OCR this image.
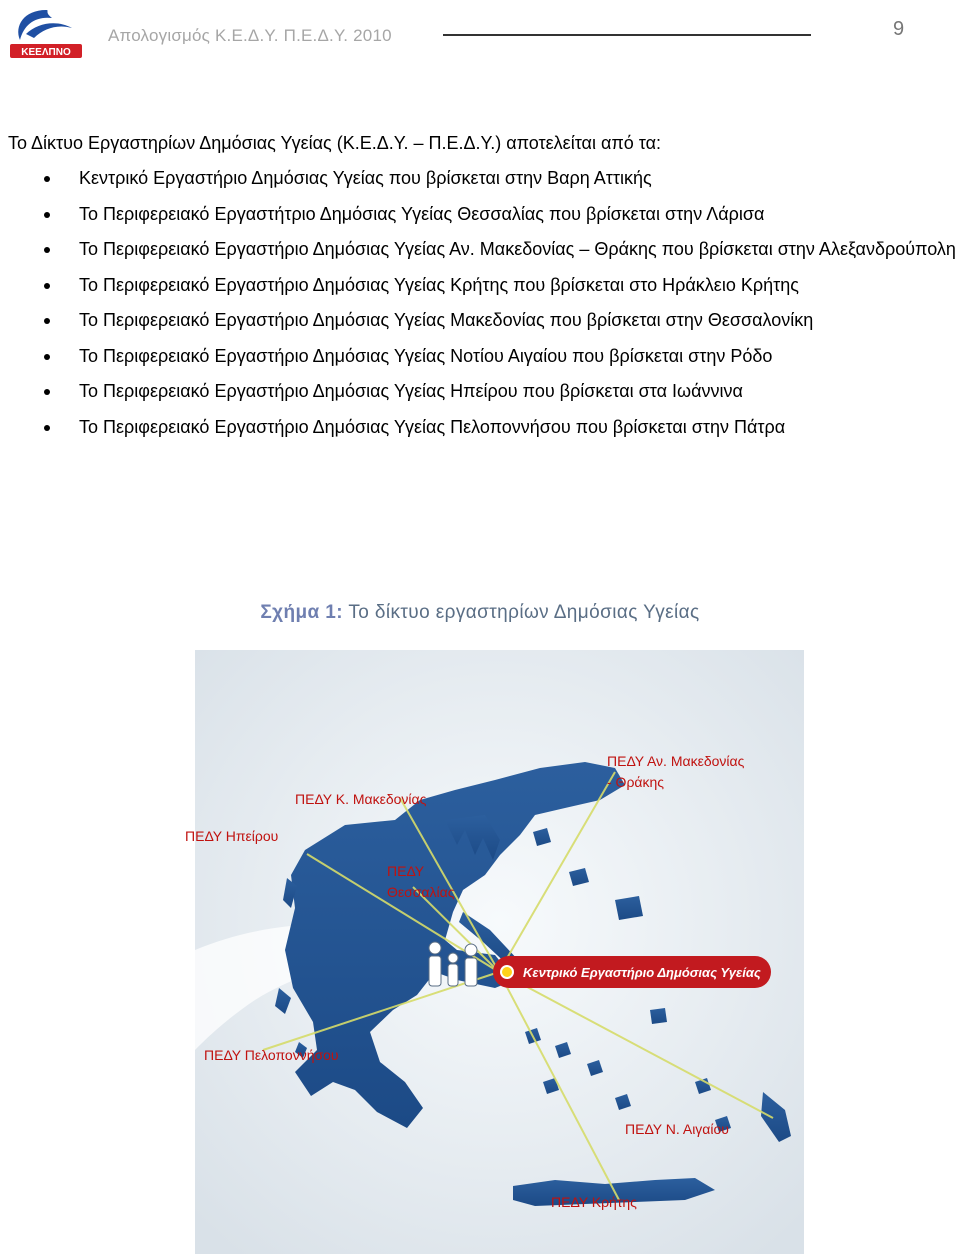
ΚΕΕΛΠΝΟ
Απολογισμός Κ.Ε.Δ.Υ. Π.Ε.Δ.Υ. 2010	9
Το Δίκτυο Εργαστηρίων Δημόσιας Υγείας (Κ.Ε.Δ.Υ. – Π.Ε.Δ.Υ.) αποτελείται από τα:
Κεντρικό Εργαστήριο Δημόσιας Υγείας που βρίσκεται στην Βαρη Αττικής
Το Περιφερειακό Εργαστήτριο Δημόσιας Υγείας Θεσσαλίας που βρίσκεται στην Λάρισα
Το Περιφερειακό Εργαστήριο Δημόσιας Υγείας Αν. Μακεδονίας – Θράκης που βρίσκεται στην Αλεξανδρούπολη
Το Περιφερειακό Εργαστήριο Δημόσιας Υγείας Κρήτης που βρίσκεται στο Ηράκλειο Κρήτης
Το Περιφερειακό Εργαστήριο Δημόσιας Υγείας Μακεδονίας που βρίσκεται στην Θεσσαλονίκη
Το Περιφερειακό Εργαστήριο Δημόσιας Υγείας Νοτίου Αιγαίου που βρίσκεται στην Ρόδο
Το Περιφερειακό Εργαστήριο Δημόσιας Υγείας Ηπείρου που βρίσκεται στα Ιωάννινα
Το Περιφερειακό Εργαστήριο Δημόσιας Υγείας Πελοποννήσου που βρίσκεται στην Πάτρα
Σχήμα 1: Το δίκτυο εργαστηρίων Δημόσιας Υγείας
Κεντρικό Εργαστήριο Δημόσιας Υγείας
ΠΕΔΥ Αν. Μακεδονίας
- Θράκης
ΠΕΔΥ Κ. Μακεδονίας
ΠΕΔΥ Ηπείρου
ΠΕΔΥ
Θεσσαλίας
ΠΕΔΥ Πελοποννήσου
ΠΕΔΥ Ν. Αιγαίου
ΠΕΔΥ Κρήτης
